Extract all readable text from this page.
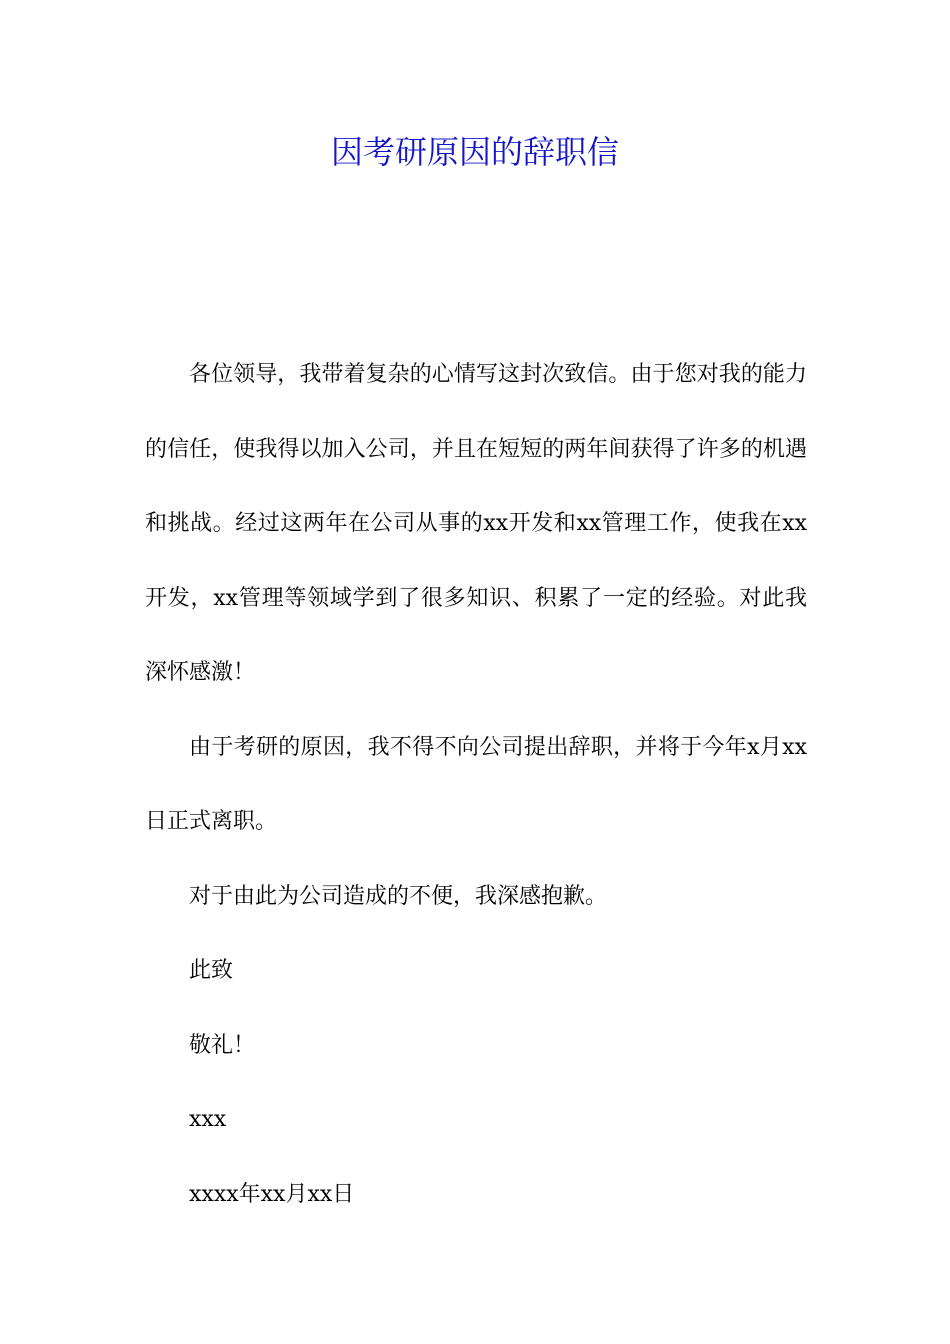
因考研原因的辞职信

各位领导，我带着复杂的心情写这封次致信。由于您对我的能力的信任，使我得以加入公司，并且在短短的两年间获得了许多的机遇和挑战。经过这两年在公司从事的xx开发和xx管理工作，使我在xx开发，xx管理等领域学到了很多知识、积累了一定的经验。对此我深怀感激！

由于考研的原因，我不得不向公司提出辞职，并将于今年x月xx日正式离职。

对于由此为公司造成的不便，我深感抱歉。

此致

敬礼！

xxx

xxxx年xx月xx日
